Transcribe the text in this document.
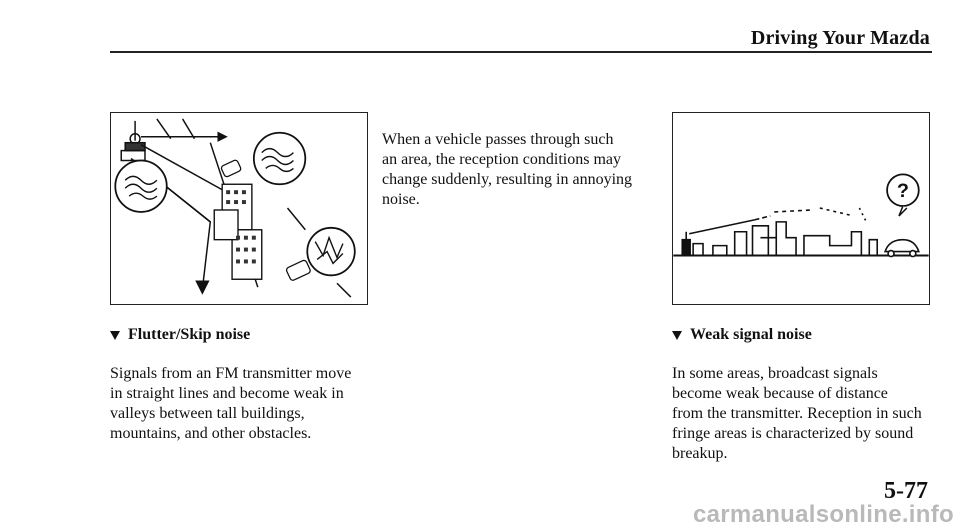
Driving Your Mazda
Flutter/Skip noise

Signals from an FM transmitter move
in straight lines and become weak in
valleys between tall buildings,
mountains, and other obstacles.

When a vehicle passes through such
an area, the reception conditions may
change suddenly, resulting in annoying
noise.	?
Weak signal noise

In some areas, broadcast signals
become weak because of distance
from the transmitter. Reception in such
fringe areas is characterized by sound
breakup.

5-77

carmanualsonline.info
